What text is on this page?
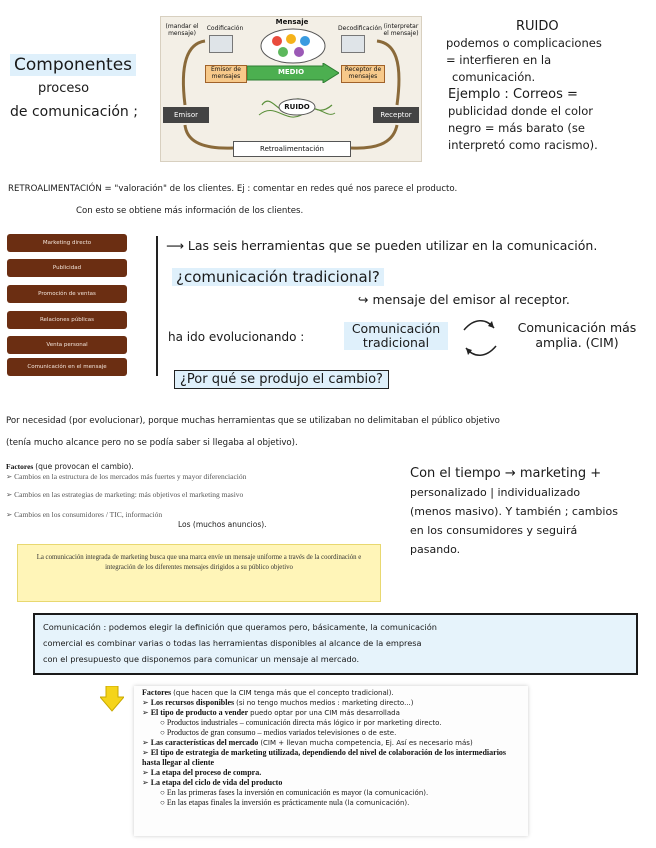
Componentes
proceso
de comunicación ;
Mensaje
(mandar el mensaje)
Codificación	Decodificación (interpretar el mensaje)
Emisor de mensajes
MEDIO	Receptor de mensajes
RUIDO
Emisor	Receptor
Retroalimentación
RUIDO
podemos o complicaciones
= interfieren en la
comunicación.
Ejemplo : Correos =
publicidad donde el color
negro = más barato (se
interpretó como racismo).
RETROALIMENTACIÓN = "valoración" de los clientes. Ej : comentar en redes qué nos parece el producto.
Con esto se obtiene más información de los clientes.
Marketing directo
Publicidad
Promoción de ventas
Relaciones públicas
Venta personal
Comunicación en el mensaje
⟶ Las seis herramientas que se pueden utilizar en la comunicación.
¿comunicación tradicional?
↪ mensaje del emisor al receptor.
ha ido evolucionando :
Comunicación tradicional
Comunicación más amplia. (CIM)
¿Por qué se produjo el cambio?
Por necesidad (por evolucionar), porque muchas herramientas que se utilizaban no delimitaban el público objetivo
(tenía mucho alcance pero no se podía saber si llegaba al objetivo).
Factores (que provocan el cambio).
➢ Cambios en la estructura de los mercados más fuertes y mayor diferenciación
➢ Cambios en las estrategias de marketing: más objetivos el marketing masivo
➢ Cambios en los consumidores / TIC, información
Los (muchos anuncios).
La comunicación integrada de marketing busca que una marca envíe un mensaje uniforme a través de la coordinación e integración de los diferentes mensajes dirigidos a su público objetivo
Con el tiempo → marketing +
personalizado | individualizado
(menos masivo). Y también ; cambios
en los consumidores y seguirá
pasando.
Comunicación : podemos elegir la definición que queramos pero, básicamente, la comunicación
comercial es combinar varias o todas las herramientas disponibles al alcance de la empresa
con el presupuesto que disponemos para comunicar un mensaje al mercado.
Factores (que hacen que la CIM tenga más que el concepto tradicional).
➢ Los recursos disponibles (si no tengo muchos medios : marketing directo...)
➢ El tipo de producto a vender puedo optar por una CIM más desarrollada
○ Productos industriales – comunicación directa más lógico ir por marketing directo.
○ Productos de gran consumo – medios variados televisiones o de este.
➢ Las características del mercado (CIM + llevan mucha competencia, Ej. Así es necesario más)
➢ El tipo de estrategia de marketing utilizada, dependiendo del nivel de colaboración de los intermediarios hasta llegar al cliente
➢ La etapa del proceso de compra.
➢ La etapa del ciclo de vida del producto
○ En las primeras fases la inversión en comunicación es mayor (la comunicación).
○ En las etapas finales la inversión es prácticamente nula (la comunicación).
